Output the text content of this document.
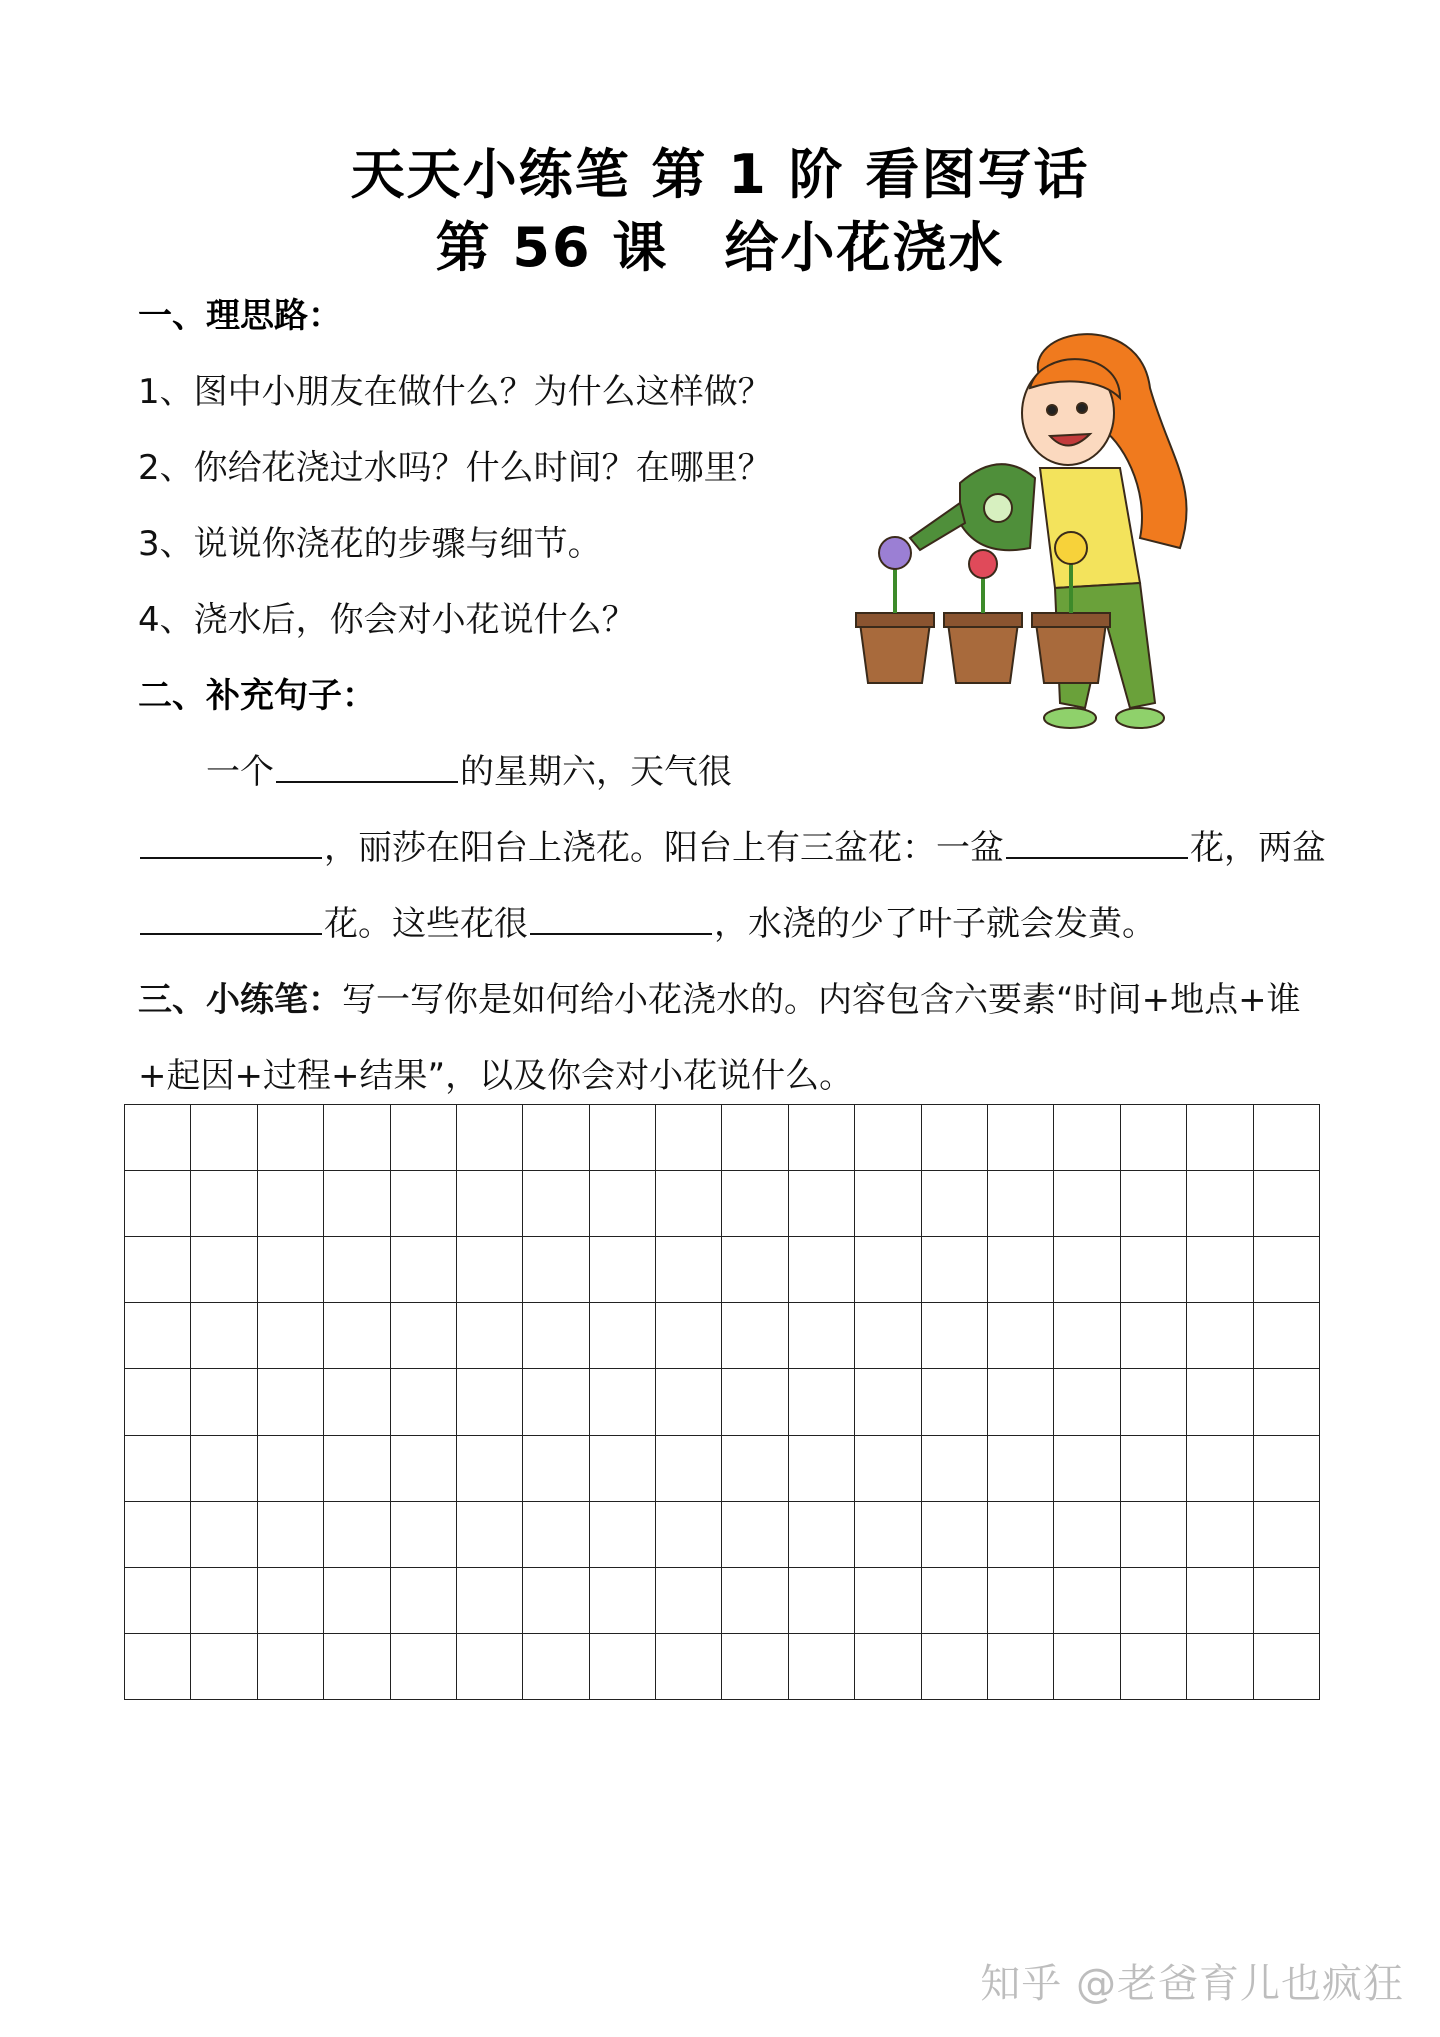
天天小练笔 第 1 阶 看图写话
第 56 课　给小花浇水
一、理思路：
1、图中小朋友在做什么？为什么这样做？
2、你给花浇过水吗？什么时间？在哪里？
3、说说你浇花的步骤与细节。
4、浇水后，你会对小花说什么？
二、补充句子：
一个	的星期六，天气很
，丽莎在阳台上浇花。阳台上有三盆花：一盆	花，两盆
花。这些花很	，水浇的少了叶子就会发黄。
三、小练笔：写一写你是如何给小花浇水的。内容包含六要素“时间+地点+谁
+起因+过程+结果”，以及你会对小花说什么。
知乎 @老爸育儿也疯狂
